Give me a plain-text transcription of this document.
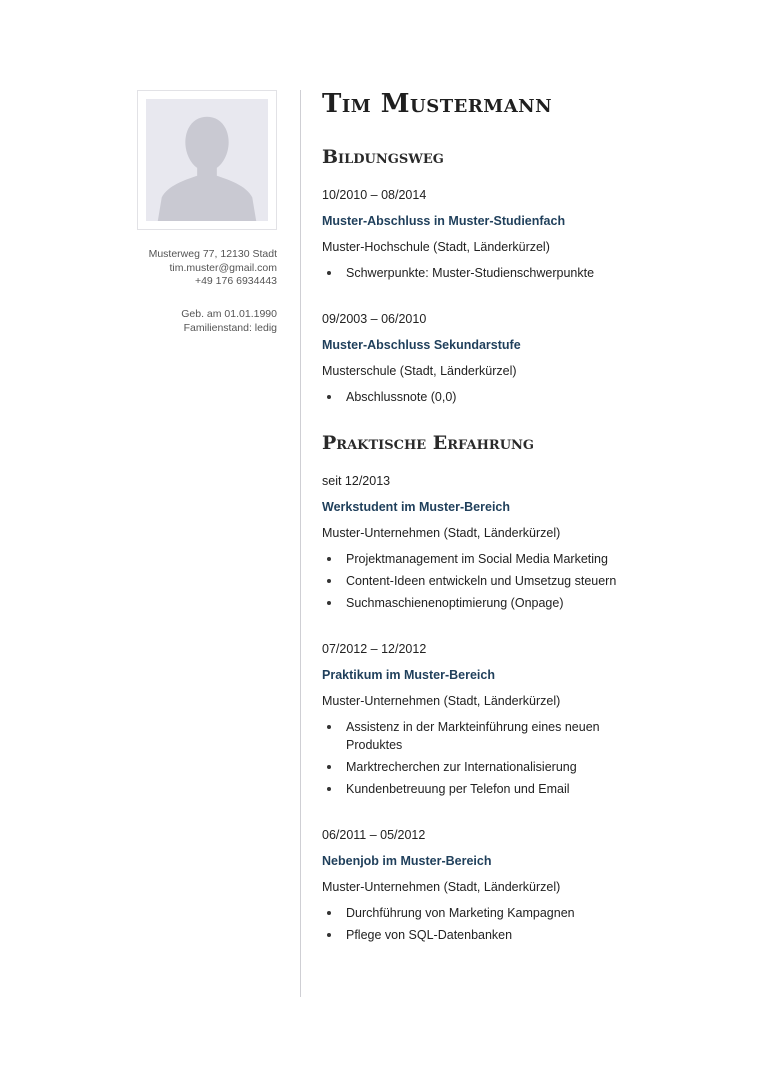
Musterweg 77, 12130 Stadt
tim.muster@gmail.com
+49 176 6934443
Geb. am 01.01.1990
Familienstand: ledig
Tim Mustermann
Bildungsweg
10/2010 – 08/2014
Muster-Abschluss in Muster-Studienfach
Muster-Hochschule (Stadt, Länderkürzel)
Schwerpunkte: Muster-Studienschwerpunkte
09/2003 – 06/2010
Muster-Abschluss Sekundarstufe
Musterschule (Stadt, Länderkürzel)
Abschlussnote (0,0)
Praktische Erfahrung
seit 12/2013
Werkstudent im Muster-Bereich
Muster-Unternehmen (Stadt, Länderkürzel)
Projektmanagement im Social Media Marketing
Content-Ideen entwickeln und Umsetzug steuern
Suchmaschienenoptimierung (Onpage)
07/2012 – 12/2012
Praktikum im Muster-Bereich
Muster-Unternehmen (Stadt, Länderkürzel)
Assistenz in der Markteinführung eines neuen Produktes
Marktrecherchen zur Internationalisierung
Kundenbetreuung per Telefon und Email
06/2011 – 05/2012
Nebenjob im Muster-Bereich
Muster-Unternehmen (Stadt, Länderkürzel)
Durchführung von Marketing Kampagnen
Pflege von SQL-Datenbanken
